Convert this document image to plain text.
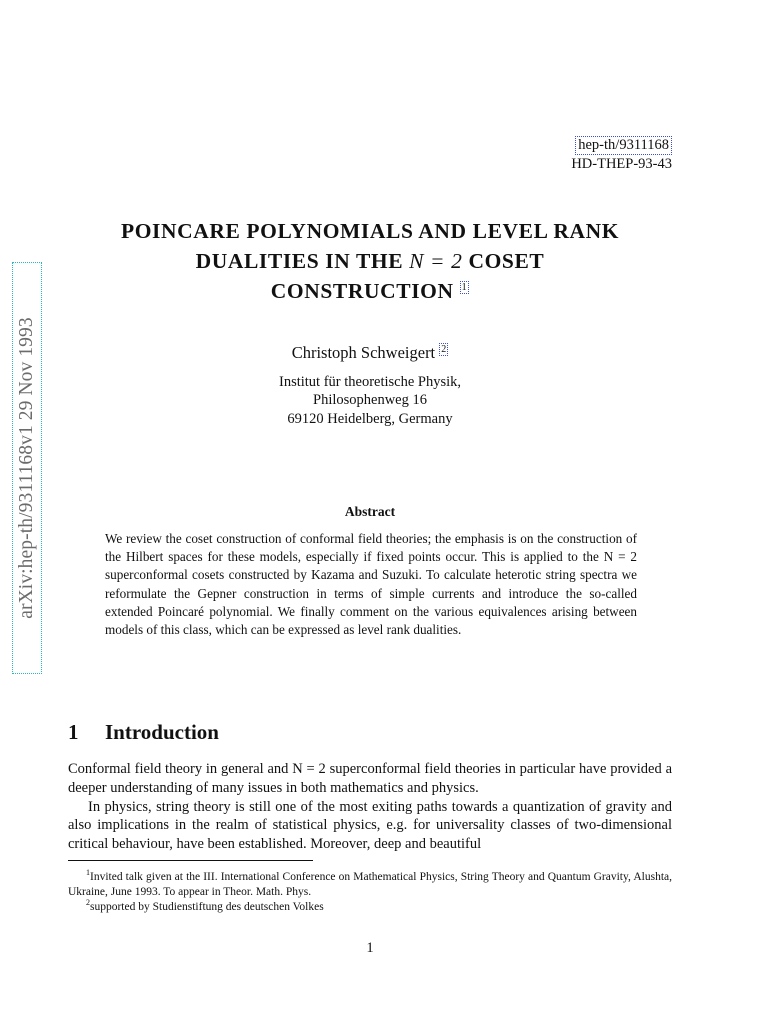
arXiv:hep-th/9311168v1 29 Nov 1993
hep-th/9311168
HD-THEP-93-43
POINCARE POLYNOMIALS AND LEVEL RANK
DUALITIES IN THE N = 2 COSET
CONSTRUCTION $^1$
Christoph Schweigert $^2$
Institut für theoretische Physik,
Philosophenweg 16
69120 Heidelberg, Germany
Abstract
We review the coset construction of conformal field theories; the emphasis is on the construction of the Hilbert spaces for these models, especially if fixed points occur. This is applied to the N = 2 superconformal cosets constructed by Kazama and Suzuki. To calculate heterotic string spectra we reformulate the Gepner construction in terms of simple currents and introduce the so-called extended Poincaré polynomial. We finally comment on the various equivalences arising between models of this class, which can be expressed as level rank dualities.
1 Introduction

Conformal field theory in general and N = 2 superconformal field theories in particular have provided a deeper understanding of many issues in both mathematics and physics.

In physics, string theory is still one of the most exiting paths towards a quantization of gravity and also implications in the realm of statistical physics, e.g. for universality classes of two-dimensional critical behaviour, have been established. Moreover, deep and beautiful

$^1$Invited talk given at the III. International Conference on Mathematical Physics, String Theory and Quantum Gravity, Alushta, Ukraine, June 1993. To appear in Theor. Math. Phys.
$^2$supported by Studienstiftung des deutschen Volkes
1
